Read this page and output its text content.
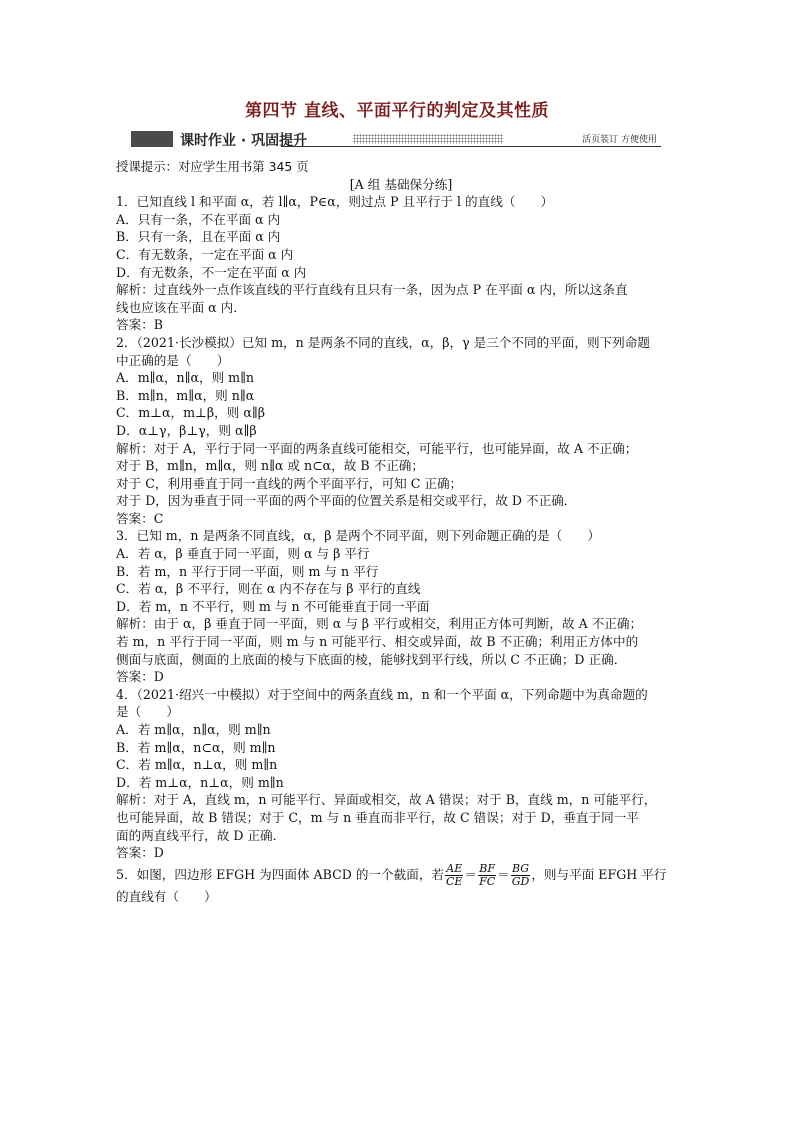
第四节 直线、平面平行的判定及其性质
课时作业 · 巩固提升	活页装订 方便使用
授课提示：对应学生用书第 345 页
[A 组 基础保分练]
1．已知直线 l 和平面 α，若 l∥α，P∈α，则过点 P 且平行于 l 的直线（　　）
A．只有一条，不在平面 α 内
B．只有一条，且在平面 α 内
C．有无数条，一定在平面 α 内
D．有无数条，不一定在平面 α 内
解析：过直线外一点作该直线的平行直线有且只有一条，因为点 P 在平面 α 内，所以这条直
线也应该在平面 α 内．
答案：B
2．（2021·长沙模拟）已知 m，n 是两条不同的直线，α，β，γ 是三个不同的平面，则下列命题
中正确的是（　　）
A．m∥α，n∥α，则 m∥n
B．m∥n，m∥α，则 n∥α
C．m⊥α，m⊥β，则 α∥β
D．α⊥γ，β⊥γ，则 α∥β
解析：对于 A，平行于同一平面的两条直线可能相交，可能平行，也可能异面，故 A 不正确；
对于 B，m∥n，m∥α，则 n∥α 或 n⊂α，故 B 不正确；
对于 C，利用垂直于同一直线的两个平面平行，可知 C 正确；
对于 D，因为垂直于同一平面的两个平面的位置关系是相交或平行，故 D 不正确．
答案：C
3．已知 m，n 是两条不同直线，α，β 是两个不同平面，则下列命题正确的是（　　）
A．若 α，β 垂直于同一平面，则 α 与 β 平行
B．若 m，n 平行于同一平面，则 m 与 n 平行
C．若 α，β 不平行，则在 α 内不存在与 β 平行的直线
D．若 m，n 不平行，则 m 与 n 不可能垂直于同一平面
解析：由于 α，β 垂直于同一平面，则 α 与 β 平行或相交，利用正方体可判断，故 A 不正确；
若 m，n 平行于同一平面，则 m 与 n 可能平行、相交或异面，故 B 不正确；利用正方体中的
侧面与底面，侧面的上底面的棱与下底面的棱，能够找到平行线，所以 C 不正确；D 正确．
答案：D
4．（2021·绍兴一中模拟）对于空间中的两条直线 m，n 和一个平面 α，下列命题中为真命题的
是（　　）
A．若 m∥α，n∥α，则 m∥n
B．若 m∥α，n⊂α，则 m∥n
C．若 m∥α，n⊥α，则 m∥n
D．若 m⊥α，n⊥α，则 m∥n
解析：对于 A，直线 m，n 可能平行、异面或相交，故 A 错误；对于 B，直线 m，n 可能平行，
也可能异面，故 B 错误；对于 C，m 与 n 垂直而非平行，故 C 错误；对于 D，垂直于同一平
面的两直线平行，故 D 正确．
答案：D
5．如图，四边形 EFGH 为四面体 ABCD 的一个截面，若 $\frac{AE}{CE} = \frac{BF}{FC} = \frac{BG}{GD}$ ，则与平面 EFGH 平行
的直线有（　　）
